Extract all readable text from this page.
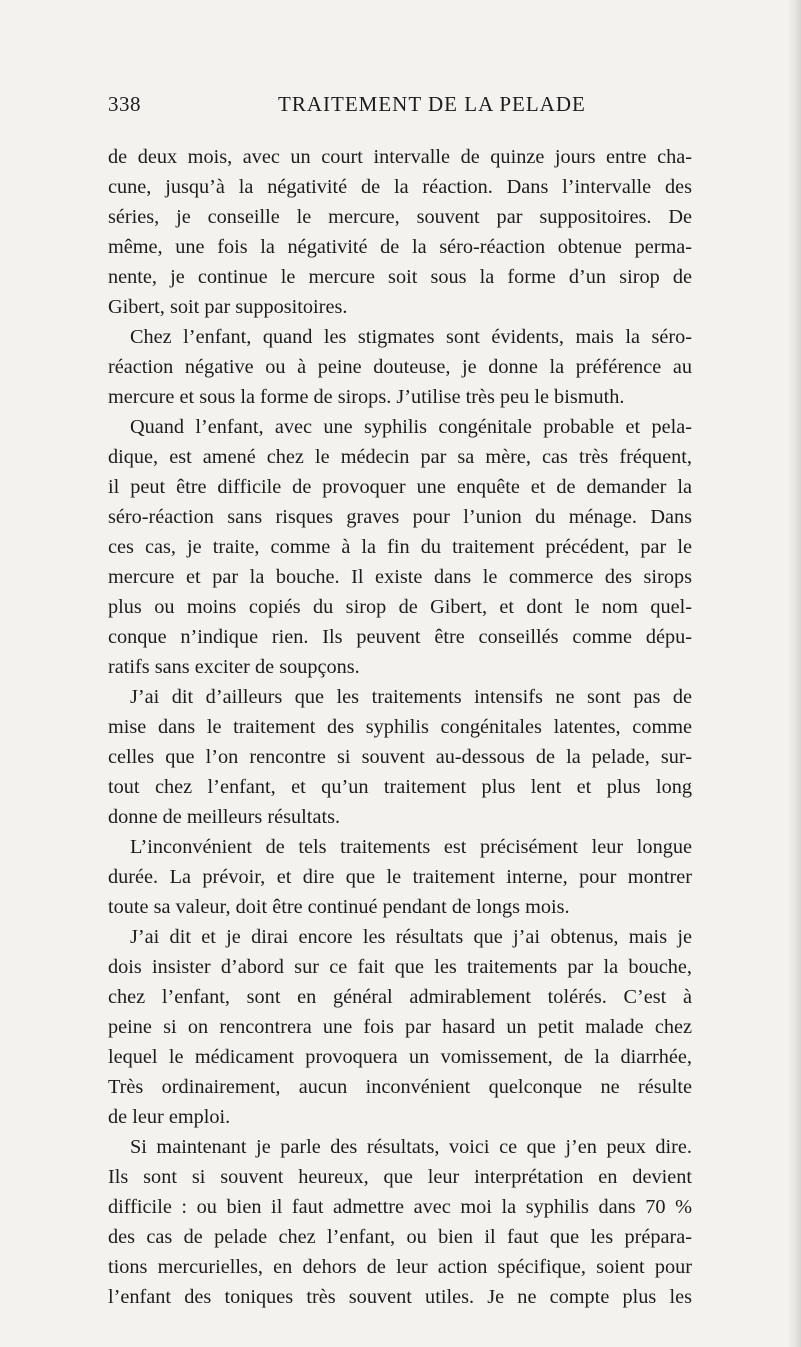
338	TRAITEMENT DE LA PELADE
de deux mois, avec un court intervalle de quinze jours entre cha-
cune, jusqu’à la négativité de la réaction. Dans l’intervalle des
séries, je conseille le mercure, souvent par suppositoires. De
même, une fois la négativité de la séro-réaction obtenue perma-
nente, je continue le mercure soit sous la forme d’un sirop de
Gibert, soit par suppositoires.
Chez l’enfant, quand les stigmates sont évidents, mais la séro-
réaction négative ou à peine douteuse, je donne la préférence au
mercure et sous la forme de sirops. J’utilise très peu le bismuth.
Quand l’enfant, avec une syphilis congénitale probable et pela-
dique, est amené chez le médecin par sa mère, cas très fréquent,
il peut être difficile de provoquer une enquête et de demander la
séro-réaction sans risques graves pour l’union du ménage. Dans
ces cas, je traite, comme à la fin du traitement précédent, par le
mercure et par la bouche. Il existe dans le commerce des sirops
plus ou moins copiés du sirop de Gibert, et dont le nom quel-
conque n’indique rien. Ils peuvent être conseillés comme dépu-
ratifs sans exciter de soupçons.
J’ai dit d’ailleurs que les traitements intensifs ne sont pas de
mise dans le traitement des syphilis congénitales latentes, comme
celles que l’on rencontre si souvent au-dessous de la pelade, sur-
tout chez l’enfant, et qu’un traitement plus lent et plus long
donne de meilleurs résultats.
L’inconvénient de tels traitements est précisément leur longue
durée. La prévoir, et dire que le traitement interne, pour montrer
toute sa valeur, doit être continué pendant de longs mois.
J’ai dit et je dirai encore les résultats que j’ai obtenus, mais je
dois insister d’abord sur ce fait que les traitements par la bouche,
chez l’enfant, sont en général admirablement tolérés. C’est à
peine si on rencontrera une fois par hasard un petit malade chez
lequel le médicament provoquera un vomissement, de la diarrhée,
Très ordinairement, aucun inconvénient quelconque ne résulte
de leur emploi.
Si maintenant je parle des résultats, voici ce que j’en peux dire.
Ils sont si souvent heureux, que leur interprétation en devient
difficile : ou bien il faut admettre avec moi la syphilis dans 70 %
des cas de pelade chez l’enfant, ou bien il faut que les prépara-
tions mercurielles, en dehors de leur action spécifique, soient pour
l’enfant des toniques très souvent utiles. Je ne compte plus les
